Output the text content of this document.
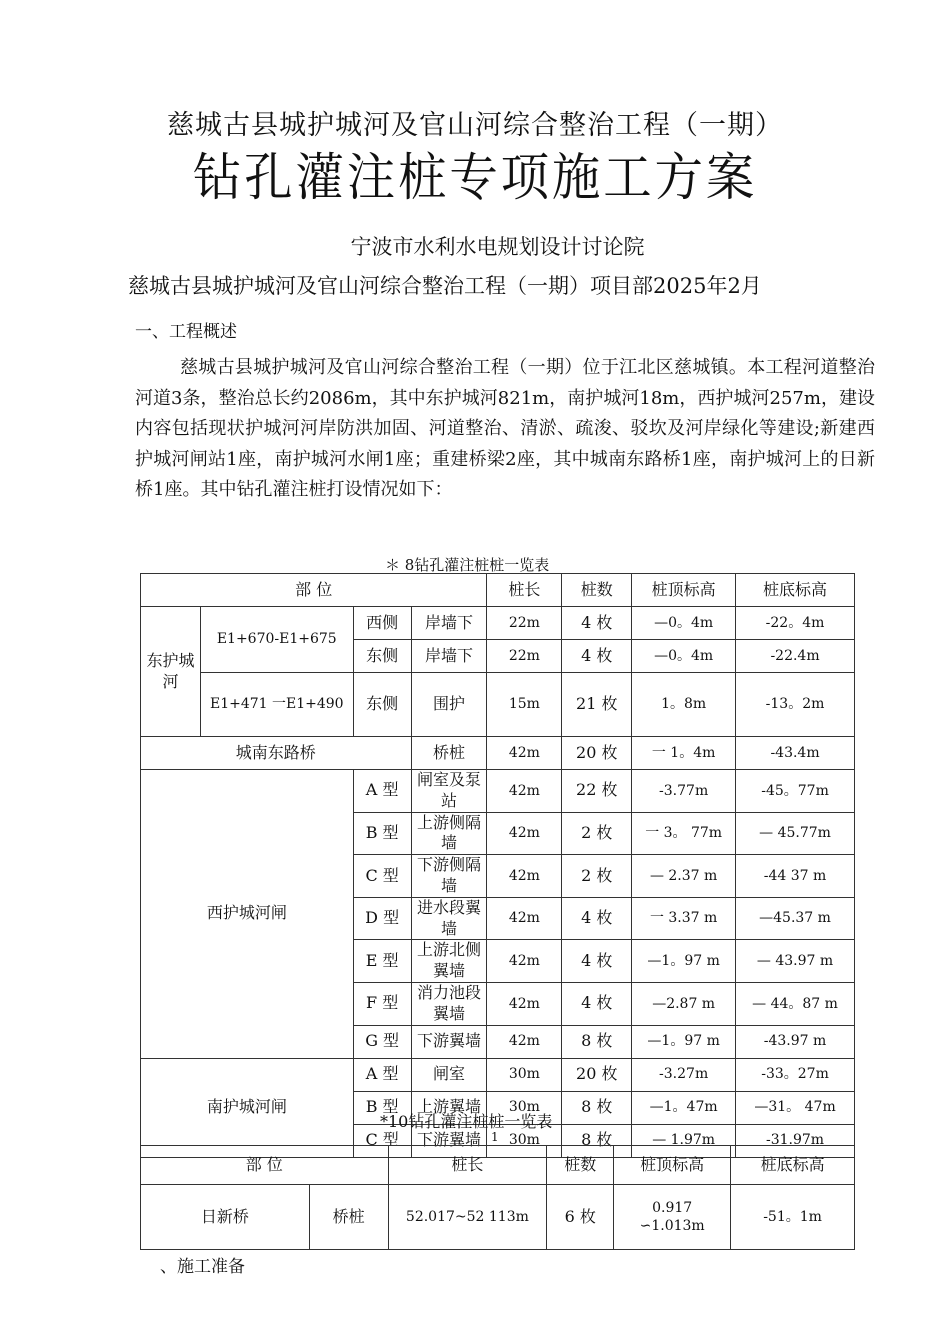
慈城古县城护城河及官山河综合整治工程（一期）
钻孔灌注桩专项施工方案
宁波市水利水电规划设计讨论院
慈城古县城护城河及官山河综合整治工程（一期）项目部2025年2月
一、工程概述
慈城古县城护城河及官山河综合整治工程（一期）位于江北区慈城镇。本工程河道整治河道3条，整治总长约2086m，其中东护城河821m，南护城河18m，西护城河257m，建设内容包括现状护城河河岸防洪加固、河道整治、清淤、疏浚、驳坎及河岸绿化等建设;新建西护城河闸站1座，南护城河水闸1座；重建桥梁2座，其中城南东路桥1座，南护城河上的日新桥1座。其中钻孔灌注桩打设情况如下：
＊ 8钻孔灌注桩桩一览表
部 位				桩长	桩数	桩顶标高	桩底标高
东护城河	E1+670-E1+675	西侧	岸墙下	22m	4 枚	—0。4m	-22。4m
		东侧	岸墙下	22m	4 枚	—0。4m	-22.4m
	E1+471 一E1+490	东侧	围护	15m	21 枚	1。8m	-13。2m
城南东路桥			桥桩	42m	20 枚	一 1。4m	-43.4m
西护城河闸		A 型	闸室及泵站	42m	22 枚	-3.77m	-45。77m
		B 型	上游侧隔墙	42m	2 枚	一 3。 77m	— 45.77m
		C 型	下游侧隔墙	42m	2 枚	— 2.37 m	-44 37 m
		D 型	进水段翼墙	42m	4 枚	一 3.37 m	—45.37 m
		E 型	上游北侧翼墙	42m	4 枚	—1。97 m	— 43.97 m
		F 型	消力池段翼墙	42m	4 枚	—2.87 m	— 44。87 m
		G 型	下游翼墙	42m	8 枚	—1。97 m	-43.97 m
南护城河闸		A 型	闸室	30m	20 枚	-3.27m	-33。27m
		B 型	上游翼墙	30m	8 枚	—1。47m	—31。 47m
		C 型	下游翼墙	30m	8 枚	— 1.97m	-31.97m
*10钻孔灌注桩桩一览表
1
部 位		桩长	桩数	桩顶标高	桩底标高
日新桥	桥桩	52.017~52 113m	6 枚	0.917 ∽1.013m	-51。1m
、施工准备
